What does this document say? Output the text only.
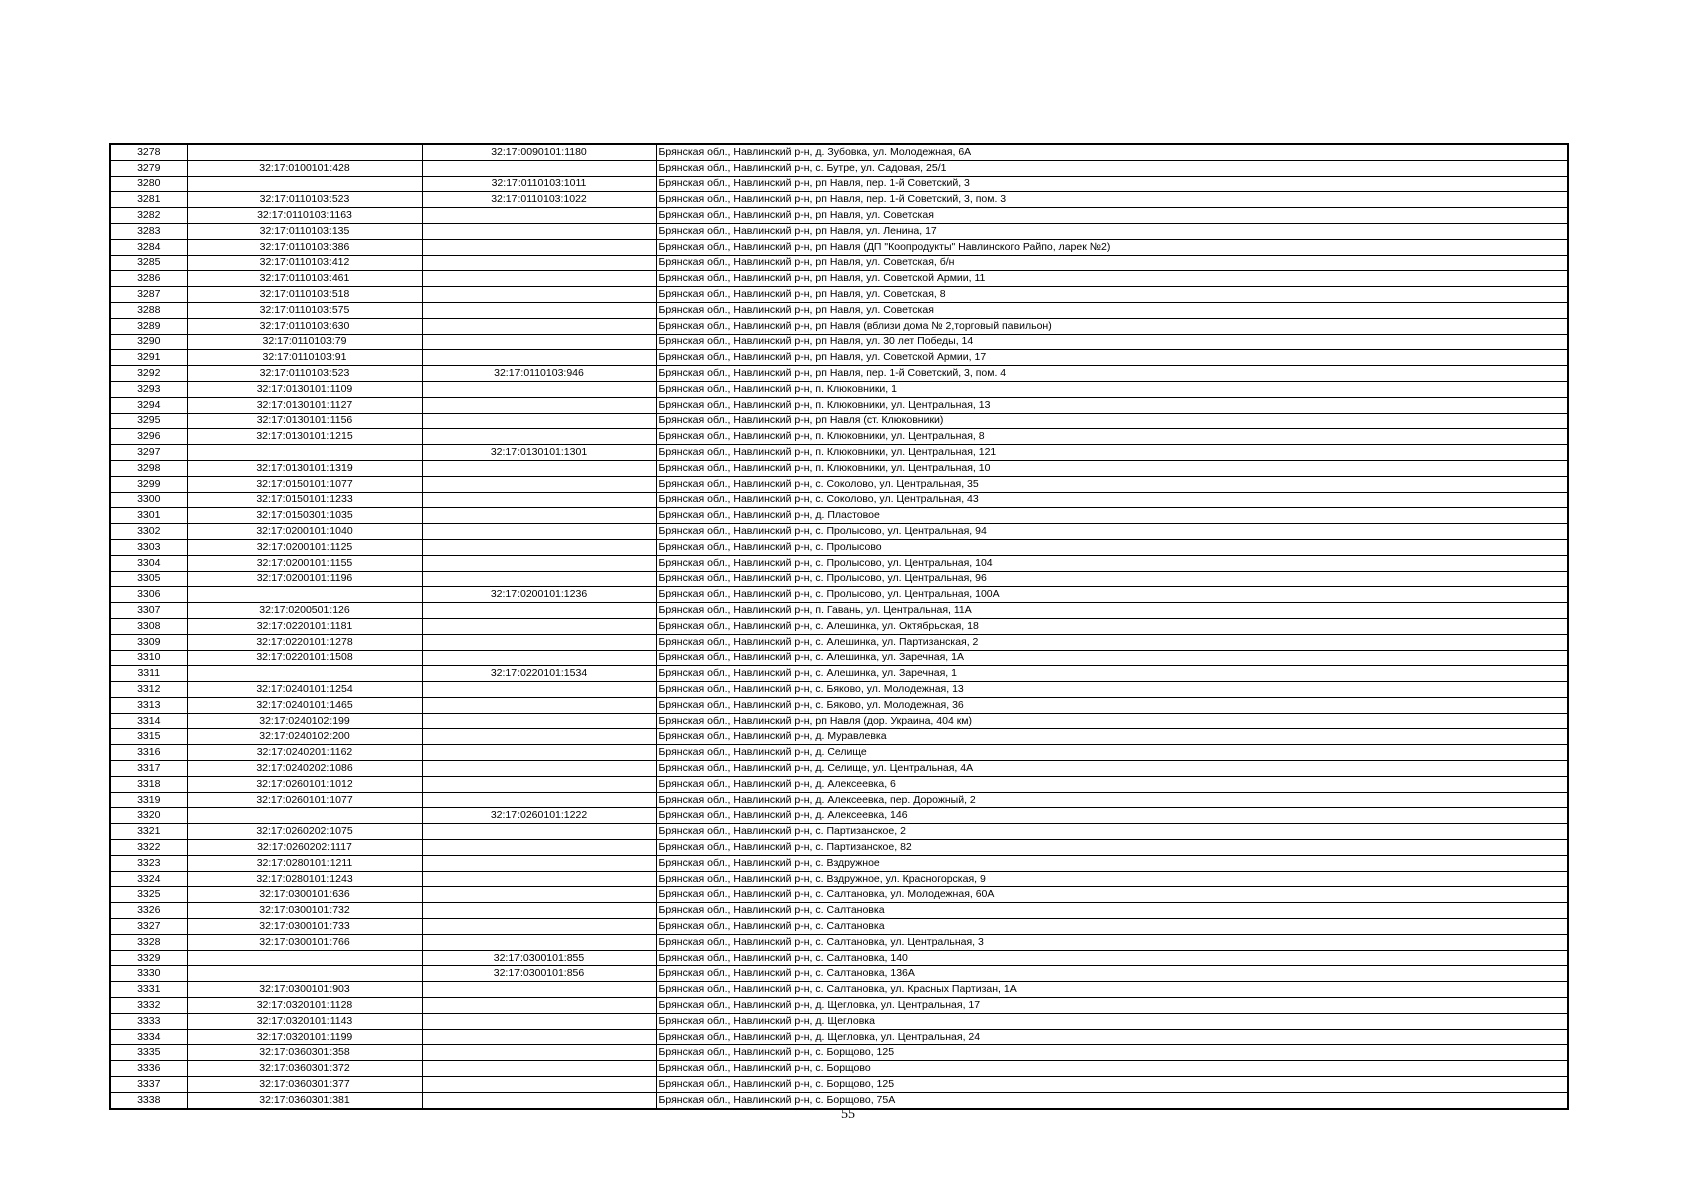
3278		32:17:0090101:1180	Брянская обл., Навлинский р-н, д. Зубовка, ул. Молодежная, 6А
3279	32:17:0100101:428		Брянская обл., Навлинский р-н, с. Бутре, ул. Садовая, 25/1
3280		32:17:0110103:1011	Брянская обл., Навлинский р-н, рп Навля, пер. 1-й Советский, 3
3281	32:17:0110103:523	32:17:0110103:1022	Брянская обл., Навлинский р-н, рп Навля, пер. 1-й Советский, 3, пом. 3
3282	32:17:0110103:1163		Брянская обл., Навлинский р-н, рп Навля, ул. Советская
3283	32:17:0110103:135		Брянская обл., Навлинский р-н, рп Навля, ул. Ленина, 17
3284	32:17:0110103:386		Брянская обл., Навлинский р-н, рп Навля (ДП "Коопродукты" Навлинского Райпо, ларек №2)
3285	32:17:0110103:412		Брянская обл., Навлинский р-н, рп Навля, ул. Советская, б/н
3286	32:17:0110103:461		Брянская обл., Навлинский р-н, рп Навля, ул. Советской Армии, 11
3287	32:17:0110103:518		Брянская обл., Навлинский р-н, рп Навля, ул. Советская, 8
3288	32:17:0110103:575		Брянская обл., Навлинский р-н, рп Навля, ул. Советская
3289	32:17:0110103:630		Брянская обл., Навлинский р-н, рп Навля (вблизи дома № 2,торговый павильон)
3290	32:17:0110103:79		Брянская обл., Навлинский р-н, рп Навля, ул. 30 лет Победы, 14
3291	32:17:0110103:91		Брянская обл., Навлинский р-н, рп Навля, ул. Советской Армии, 17
3292	32:17:0110103:523	32:17:0110103:946	Брянская обл., Навлинский р-н, рп Навля, пер. 1-й Советский, 3, пом. 4
3293	32:17:0130101:1109		Брянская обл., Навлинский р-н, п. Клюковники, 1
3294	32:17:0130101:1127		Брянская обл., Навлинский р-н, п. Клюковники, ул. Центральная, 13
3295	32:17:0130101:1156		Брянская обл., Навлинский р-н, рп Навля (ст. Клюковники)
3296	32:17:0130101:1215		Брянская обл., Навлинский р-н, п. Клюковники, ул. Центральная, 8
3297		32:17:0130101:1301	Брянская обл., Навлинский р-н, п. Клюковники, ул. Центральная, 121
3298	32:17:0130101:1319		Брянская обл., Навлинский р-н, п. Клюковники, ул. Центральная, 10
3299	32:17:0150101:1077		Брянская обл., Навлинский р-н, с. Соколово, ул. Центральная, 35
3300	32:17:0150101:1233		Брянская обл., Навлинский р-н, с. Соколово, ул. Центральная, 43
3301	32:17:0150301:1035		Брянская обл., Навлинский р-н, д. Пластовое
3302	32:17:0200101:1040		Брянская обл., Навлинский р-н, с. Пролысово, ул. Центральная, 94
3303	32:17:0200101:1125		Брянская обл., Навлинский р-н, с. Пролысово
3304	32:17:0200101:1155		Брянская обл., Навлинский р-н, с. Пролысово, ул. Центральная, 104
3305	32:17:0200101:1196		Брянская обл., Навлинский р-н, с. Пролысово, ул. Центральная, 96
3306		32:17:0200101:1236	Брянская обл., Навлинский р-н, с. Пролысово, ул. Центральная, 100А
3307	32:17:0200501:126		Брянская обл., Навлинский р-н, п. Гавань, ул. Центральная, 11А
3308	32:17:0220101:1181		Брянская обл., Навлинский р-н, с. Алешинка, ул. Октябрьская, 18
3309	32:17:0220101:1278		Брянская обл., Навлинский р-н, с. Алешинка, ул. Партизанская, 2
3310	32:17:0220101:1508		Брянская обл., Навлинский р-н, с. Алешинка, ул. Заречная, 1А
3311		32:17:0220101:1534	Брянская обл., Навлинский р-н, с. Алешинка, ул. Заречная, 1
3312	32:17:0240101:1254		Брянская обл., Навлинский р-н, с. Бяково, ул. Молодежная, 13
3313	32:17:0240101:1465		Брянская обл., Навлинский р-н, с. Бяково, ул. Молодежная, 36
3314	32:17:0240102:199		Брянская обл., Навлинский р-н, рп Навля (дор. Украина, 404 км)
3315	32:17:0240102:200		Брянская обл., Навлинский р-н, д. Муравлевка
3316	32:17:0240201:1162		Брянская обл., Навлинский р-н, д. Селище
3317	32:17:0240202:1086		Брянская обл., Навлинский р-н, д. Селище, ул. Центральная, 4А
3318	32:17:0260101:1012		Брянская обл., Навлинский р-н, д. Алексеевка, 6
3319	32:17:0260101:1077		Брянская обл., Навлинский р-н, д. Алексеевка, пер. Дорожный, 2
3320		32:17:0260101:1222	Брянская обл., Навлинский р-н, д. Алексеевка, 146
3321	32:17:0260202:1075		Брянская обл., Навлинский р-н, с. Партизанское, 2
3322	32:17:0260202:1117		Брянская обл., Навлинский р-н, с. Партизанское, 82
3323	32:17:0280101:1211		Брянская обл., Навлинский р-н, с. Вздружное
3324	32:17:0280101:1243		Брянская обл., Навлинский р-н, с. Вздружное, ул. Красногорская, 9
3325	32:17:0300101:636		Брянская обл., Навлинский р-н, с. Салтановка, ул. Молодежная, 60А
3326	32:17:0300101:732		Брянская обл., Навлинский р-н, с. Салтановка
3327	32:17:0300101:733		Брянская обл., Навлинский р-н, с. Салтановка
3328	32:17:0300101:766		Брянская обл., Навлинский р-н, с. Салтановка, ул. Центральная, 3
3329		32:17:0300101:855	Брянская обл., Навлинский р-н, с. Салтановка, 140
3330		32:17:0300101:856	Брянская обл., Навлинский р-н, с. Салтановка, 136А
3331	32:17:0300101:903		Брянская обл., Навлинский р-н, с. Салтановка, ул. Красных Партизан, 1А
3332	32:17:0320101:1128		Брянская обл., Навлинский р-н, д. Щегловка, ул. Центральная, 17
3333	32:17:0320101:1143		Брянская обл., Навлинский р-н, д. Щегловка
3334	32:17:0320101:1199		Брянская обл., Навлинский р-н, д. Щегловка, ул. Центральная, 24
3335	32:17:0360301:358		Брянская обл., Навлинский р-н, с. Борщово, 125
3336	32:17:0360301:372		Брянская обл., Навлинский р-н, с. Борщово
3337	32:17:0360301:377		Брянская обл., Навлинский р-н, с. Борщово, 125
3338	32:17:0360301:381		Брянская обл., Навлинский р-н, с. Борщово, 75А
55
